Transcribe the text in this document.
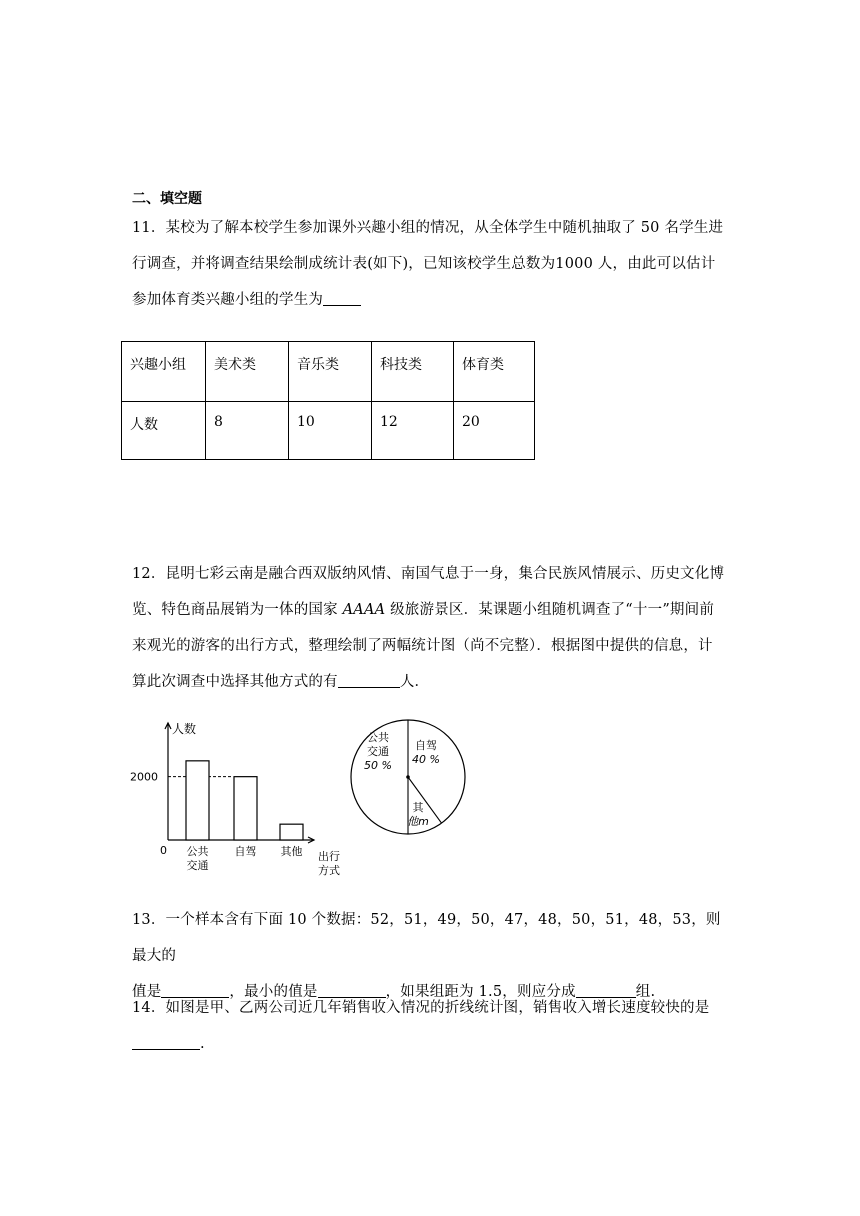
二、填空题
11．某校为了解本校学生参加课外兴趣小组的情况，从全体学生中随机抽取了 50 名学生进
行调查，并将调查结果绘制成统计表(如下)，已知该校学生总数为1000 人，由此可以估计
参加体育类兴趣小组的学生为
兴趣小组	美术类	音乐类	科技类	体育类
人数	8	10	12	20
12．昆明七彩云南是融合西双版纳风情、南国气息于一身，集合民族风情展示、历史文化博
览、特色商品展销为一体的国家 AAAA 级旅游景区．某课题小组随机调查了“十一”期间前
来观光的游客的出行方式，整理绘制了两幅统计图（尚不完整）．根据图中提供的信息，计
算此次调查中选择其他方式的有	人．
人数
0
2000
公共
交通
自驾 其他 出行
方式
公共
交通
50 %
自驾
40 %
其
他m
13．一个样本含有下面 10 个数据：52，51，49，50，47，48，50，51，48，53，则最大的
值是	，最小的值是	，如果组距为 1.5，则应分成	组.
14．如图是甲、乙两公司近几年销售收入情况的折线统计图，销售收入增长速度较快的是
.
